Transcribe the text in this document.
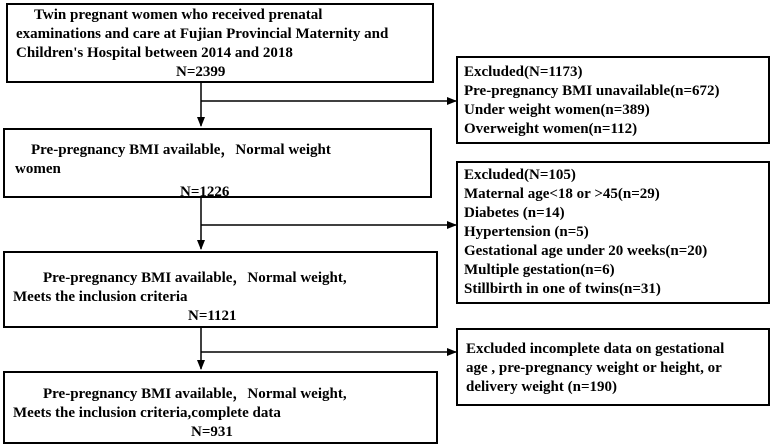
Twin pregnant women who received prenatal
examinations and care at Fujian Provincial Maternity and
Children's Hospital between 2014 and 2018
N=2399
Pre-pregnancy BMI available，Normal weight
women
N=1226
Pre-pregnancy BMI available，Normal weight,
Meets the inclusion criteria
N=1121
Pre-pregnancy BMI available，Normal weight,
Meets the inclusion criteria,complete data
N=931
Excluded(N=1173)
Pre-pregnancy BMI unavailable(n=672)
Under weight women(n=389)
Overweight women(n=112)
Excluded(N=105)
Maternal age<18 or >45(n=29)
Diabetes (n=14)
Hypertension (n=5)
Gestational age under 20 weeks(n=20)
Multiple gestation(n=6)
Stillbirth in one of twins(n=31)
Excluded incomplete data on gestational
age , pre-pregnancy weight or height, or
delivery weight (n=190)
